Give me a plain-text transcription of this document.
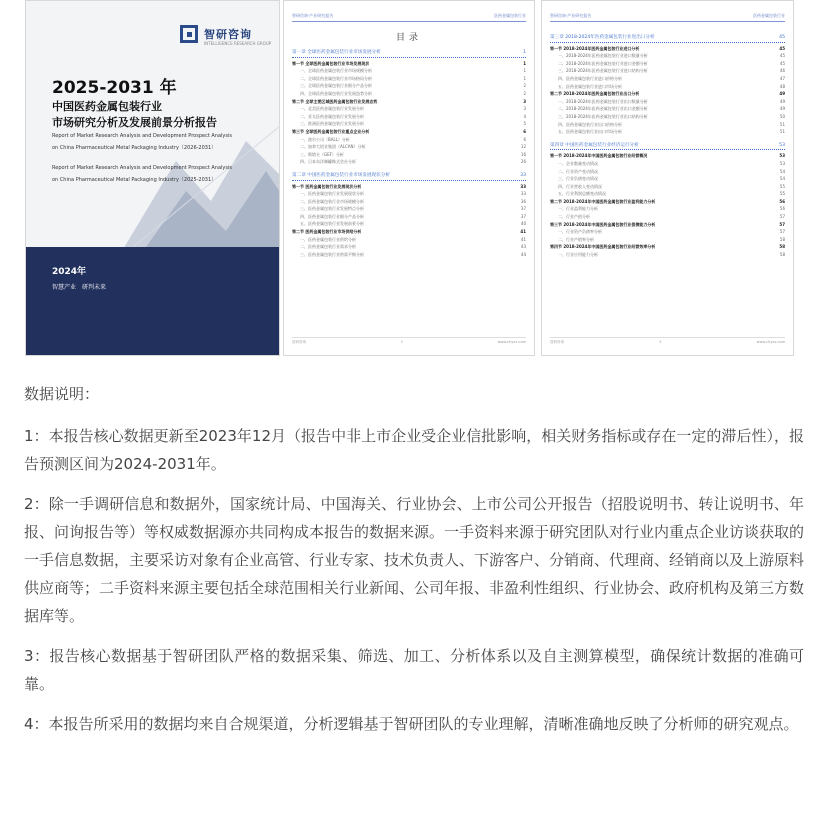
智研咨询
INTELLIGENCE RESEARCH GROUP
2025-2031 年
中国医药金属包装行业
市场研究分析及发展前景分析报告
Report of Market Research Analysis and Development Prospect Analysis
on China Pharmaceutical Metal Packaging Industry（2026-2031）
Report of Market Research Analysis and Development Prospect Analysis
on China Pharmaceutical Metal Packaging Industry（2025-2031）
2024年
智慧产业　研判未来
智研咨询·产业研究报告	医药金属包装行业
目录
第一章 全球医药金属包装行业市场发展分析	1
第一节 全球医药金属包装行业市场发展现状	1
一、全球医药金属包装行业市场规模分析	1
二、全球医药金属包装行业市场格局分析	1
三、全球医药金属包装行业细分产品分析	2
四、全球医药金属包装行业发展趋势分析	2
第二节 全球主要区域医药金属包装行业发展态势	3
一、北美医药金属包装行业发展分析	3
二、亚太医药金属包装行业发展分析	4
三、欧洲医药金属包装行业发展分析	5
第三节 全球医药金属包装行业重点企业分析	6
一、波尔公司（BALL）分析	6
二、加拿大铝业集团（ALCAN）分析	12
三、斯塔夫（GEF）分析	16
四、日本东洋制罐株式会社分析	26
第二章 中国医药金属包装行业市场发展现状分析	33
第一节 医药金属包装行业发展现状分析	33
一、医药金属包装行业发展现状分析	33
二、医药金属包装行业市场规模分析	36
三、医药金属包装行业发展特点分析	37
四、医药金属包装行业细分产品分析	37
五、医药金属包装行业发展前景分析	40
第二节 医药金属包装行业市场供给分析	41
一、医药金属包装行业供给分析	41
二、医药金属包装行业需求分析	43
三、医药金属包装行业供需平衡分析	44
智研咨询	1	www.chyxx.com
智研咨询·产业研究报告	医药金属包装行业
第三章 2018-2024年医药金属包装行业进出口分析	45
第一节 2018-2024年医药金属包装行业进口分析	45
一、2018-2024年医药金属包装行业进口数量分析	45
二、2018-2024年医药金属包装行业进口金额分析	45
三、2018-2024年医药金属包装行业进口结构分析	46
四、医药金属包装行业进口价格分析	47
五、医药金属包装行业进口市场分析	48
第二节 2018-2024年医药金属包装行业出口分析	49
一、2018-2024年医药金属包装行业出口数量分析	49
二、2018-2024年医药金属包装行业出口金额分析	49
三、2018-2024年医药金属包装行业出口结构分析	50
四、医药金属包装行业出口价格分析	51
五、医药金属包装行业出口市场分析	51
第四章 中国医药金属包装行业经济运行分析	53
第一节 2018-2024年中国医药金属包装行业经营概况	53
一、企业数量变动情况	53
二、行业资产变动情况	54
三、行业负债变动情况	54
四、行业营收入变动情况	55
五、行业利润总额变动情况	55
第二节 2018-2024年中国医药金属包装行业盈利能力分析	56
一、行业盈利能力分析	56
二、行业产值分析	57
第三节 2018-2024年中国医药金属包装行业偿债能力分析	57
一、行业资产负债率分析	57
二、行业产销率分析	58
第四节 2018-2024年中国医药金属包装行业经营效率分析	58
一、行业应用能力分析	58
智研咨询	2	www.chyxx.com
数据说明：

1：本报告核心数据更新至2023年12月（报告中非上市企业受企业信批影响，相关财务指标或存在一定的滞后性），报告预测区间为2024-2031年。

2：除一手调研信息和数据外，国家统计局、中国海关、行业协会、上市公司公开报告（招股说明书、转让说明书、年报、问询报告等）等权威数据源亦共同构成本报告的数据来源。一手资料来源于研究团队对行业内重点企业访谈获取的一手信息数据，主要采访对象有企业高管、行业专家、技术负责人、下游客户、分销商、代理商、经销商以及上游原料供应商等；二手资料来源主要包括全球范围相关行业新闻、公司年报、非盈利性组织、行业协会、政府机构及第三方数据库等。

3：报告核心数据基于智研团队严格的数据采集、筛选、加工、分析体系以及自主测算模型，确保统计数据的准确可靠。

4：本报告所采用的数据均来自合规渠道，分析逻辑基于智研团队的专业理解，清晰准确地反映了分析师的研究观点。
